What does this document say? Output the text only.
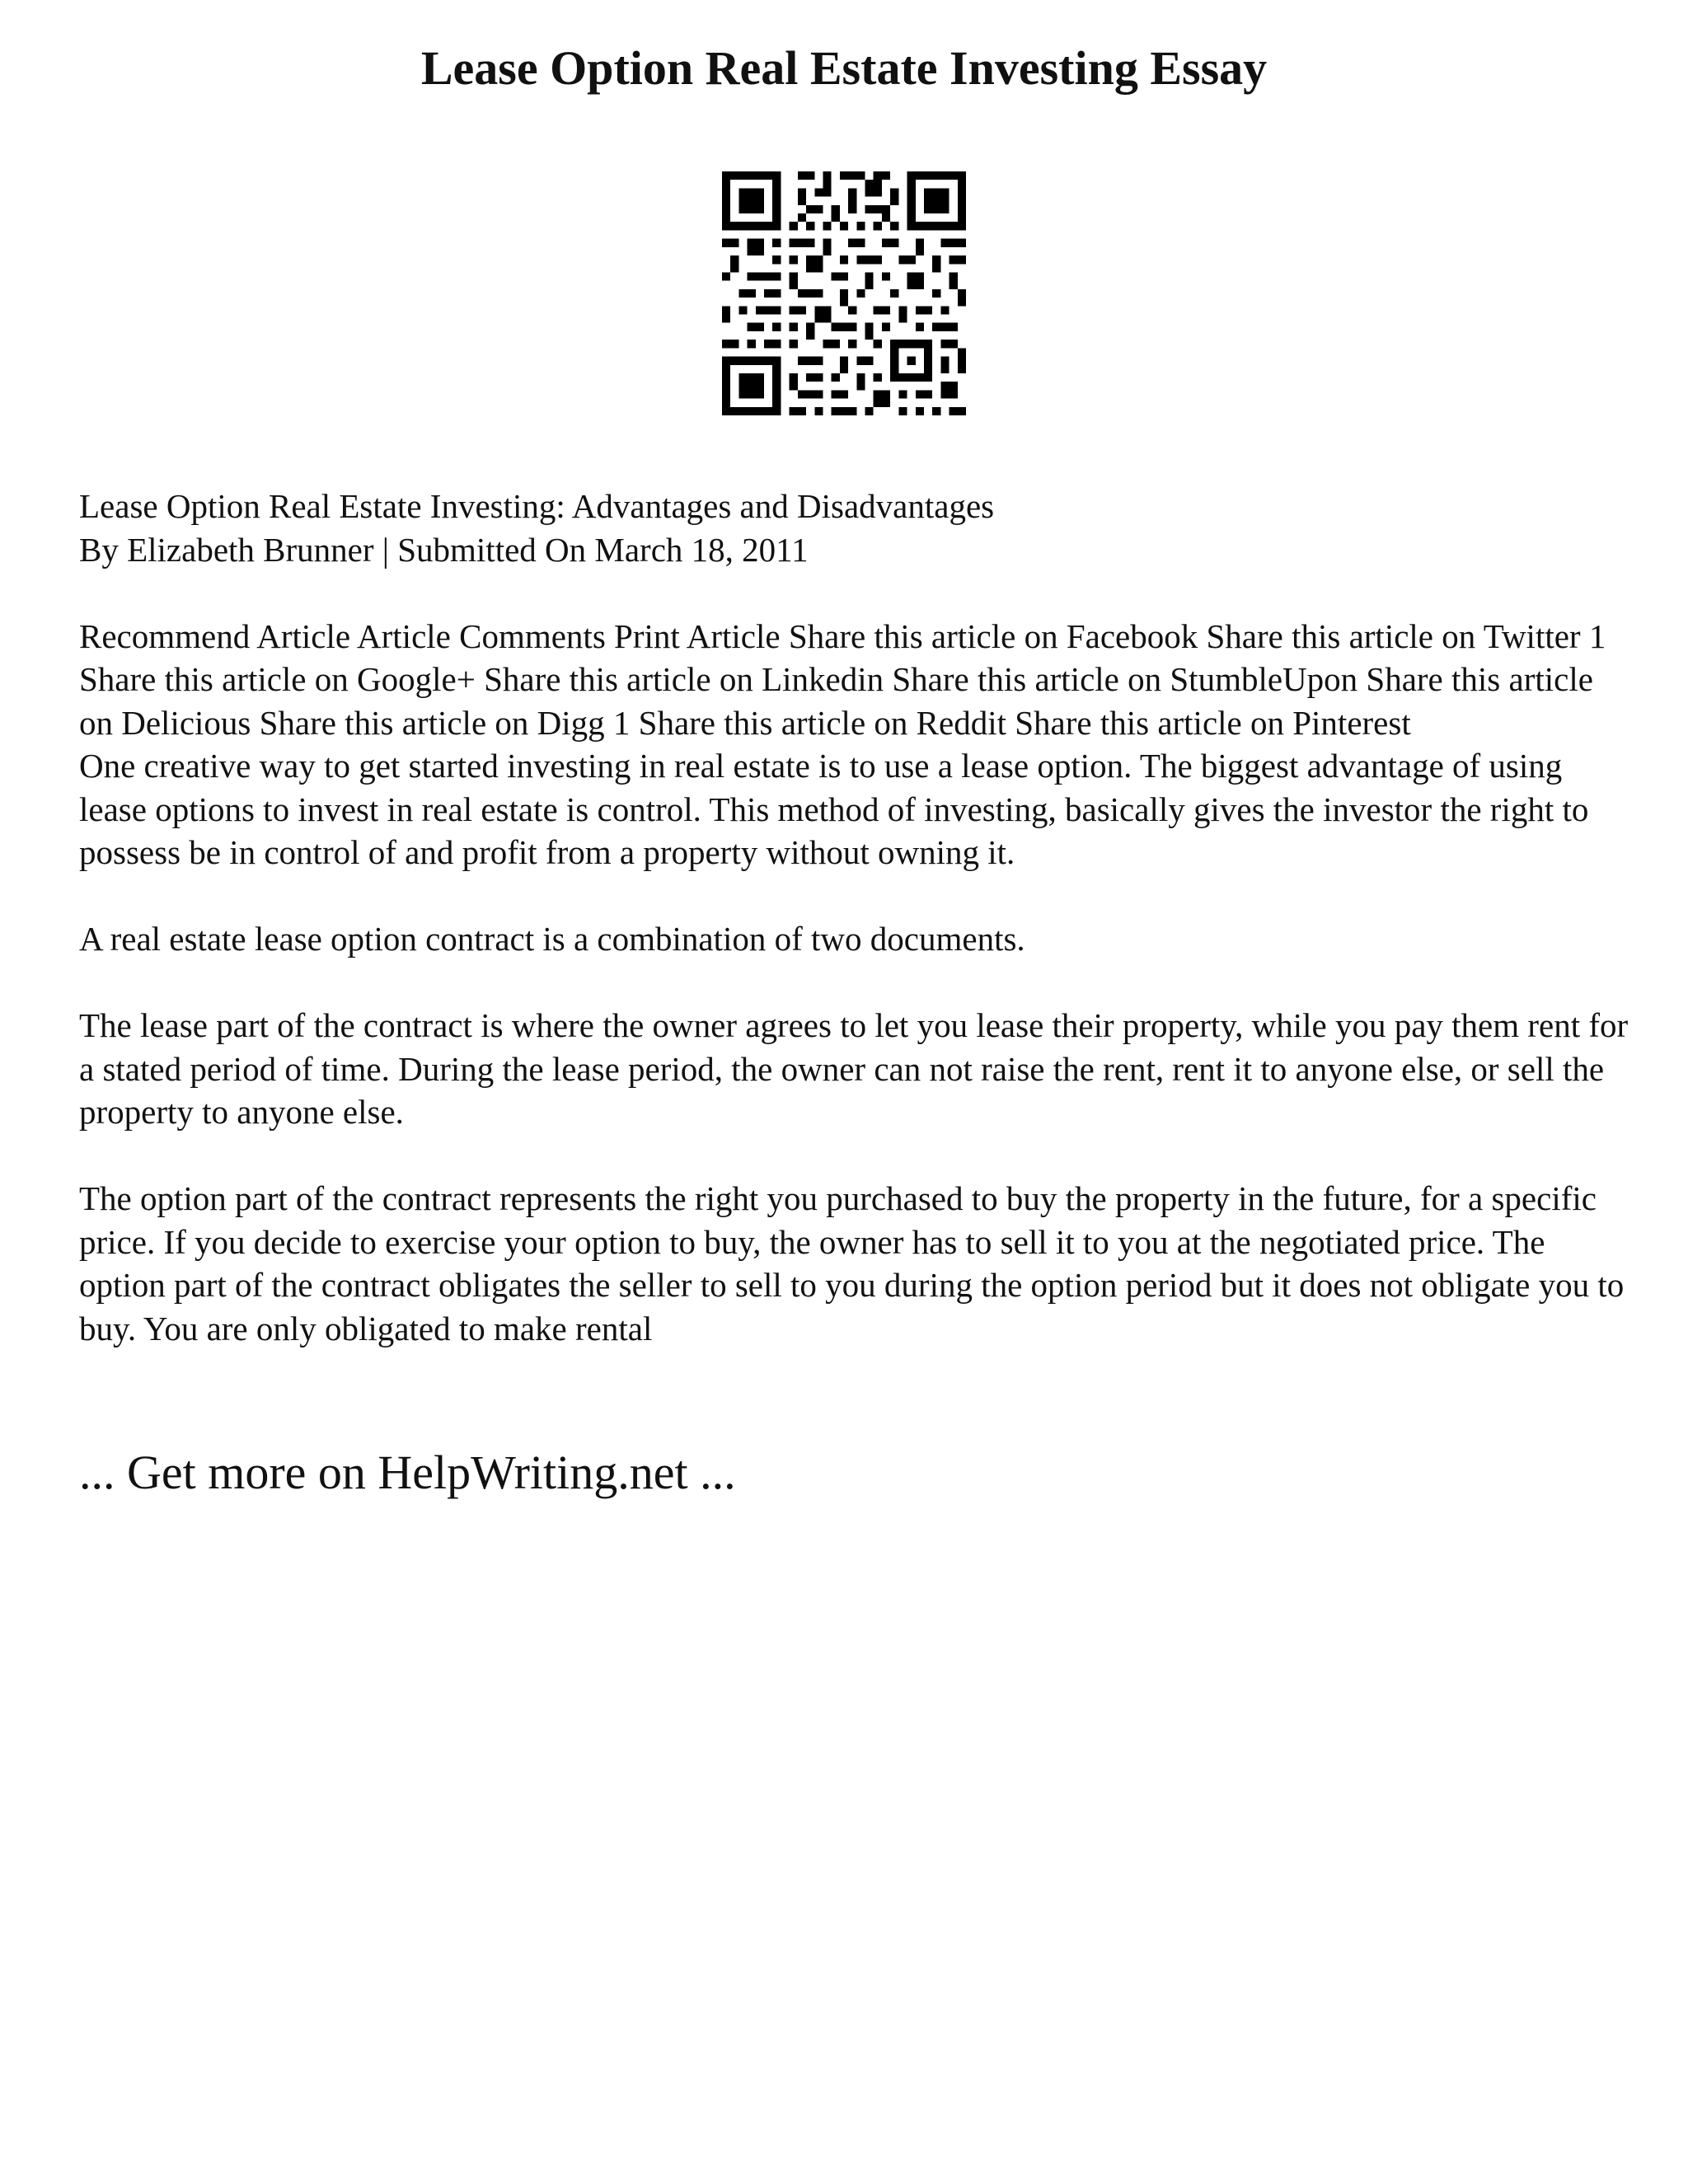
Lease Option Real Estate Investing Essay

Lease Option Real Estate Investing: Advantages and Disadvantages

By Elizabeth Brunner | Submitted On March 18, 2011

Recommend Article Article Comments Print Article Share this article on Facebook Share this article on Twitter 1 Share this article on Google+ Share this article on Linkedin Share this article on StumbleUpon Share this article on Delicious Share this article on Digg 1 Share this article on Reddit Share this article on Pinterest

One creative way to get started investing in real estate is to use a lease option. The biggest advantage of using lease options to invest in real estate is control. This method of investing, basically gives the investor the right to possess be in control of and profit from a property without owning it.

A real estate lease option contract is a combination of two documents.

The lease part of the contract is where the owner agrees to let you lease their property, while you pay them rent for a stated period of time. During the lease period, the owner can not raise the rent, rent it to anyone else, or sell the property to anyone else.

The option part of the contract represents the right you purchased to buy the property in the future, for a specific price. If you decide to exercise your option to buy, the owner has to sell it to you at the negotiated price. The option part of the contract obligates the seller to sell to you during the option period but it does not obligate you to buy. You are only obligated to make rental

... Get more on HelpWriting.net ...
